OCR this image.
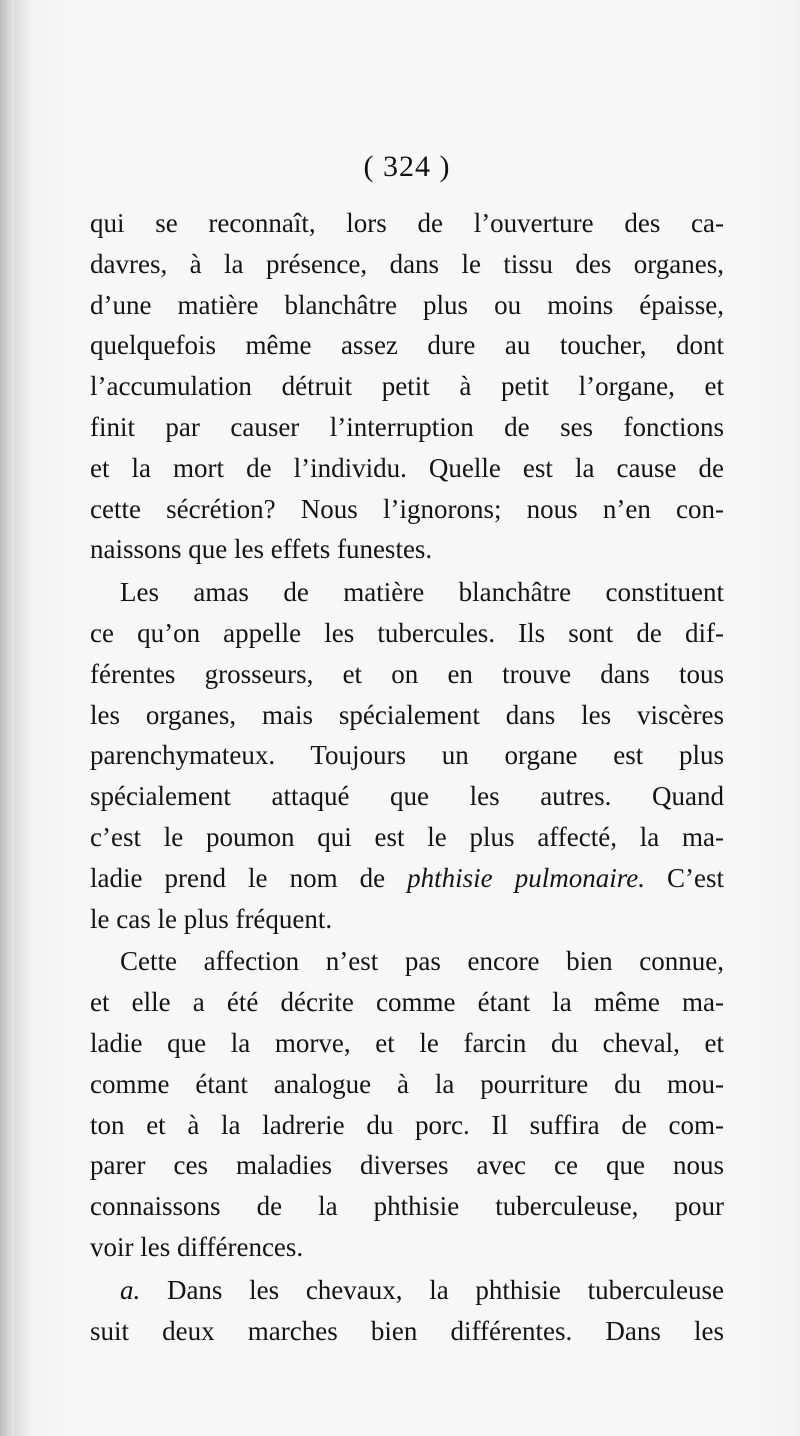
( 324 )
qui se reconnaît, lors de l’ouverture des ca-
davres, à la présence, dans le tissu des organes,
d’une matière blanchâtre plus ou moins épaisse,
quelquefois même assez dure au toucher, dont
l’accumulation détruit petit à petit l’organe, et
finit par causer l’interruption de ses fonctions
et la mort de l’individu. Quelle est la cause de
cette sécrétion? Nous l’ignorons; nous n’en con-
naissons que les effets funestes.
Les amas de matière blanchâtre constituent
ce qu’on appelle les tubercules. Ils sont de dif-
férentes grosseurs, et on en trouve dans tous
les organes, mais spécialement dans les viscères
parenchymateux. Toujours un organe est plus
spécialement attaqué que les autres. Quand
c’est le poumon qui est le plus affecté, la ma-
ladie prend le nom de phthisie pulmonaire. C’est
le cas le plus fréquent.
Cette affection n’est pas encore bien connue,
et elle a été décrite comme étant la même ma-
ladie que la morve, et le farcin du cheval, et
comme étant analogue à la pourriture du mou-
ton et à la ladrerie du porc. Il suffira de com-
parer ces maladies diverses avec ce que nous
connaissons de la phthisie tuberculeuse, pour
voir les différences.
a. Dans les chevaux, la phthisie tuberculeuse
suit deux marches bien différentes. Dans les
